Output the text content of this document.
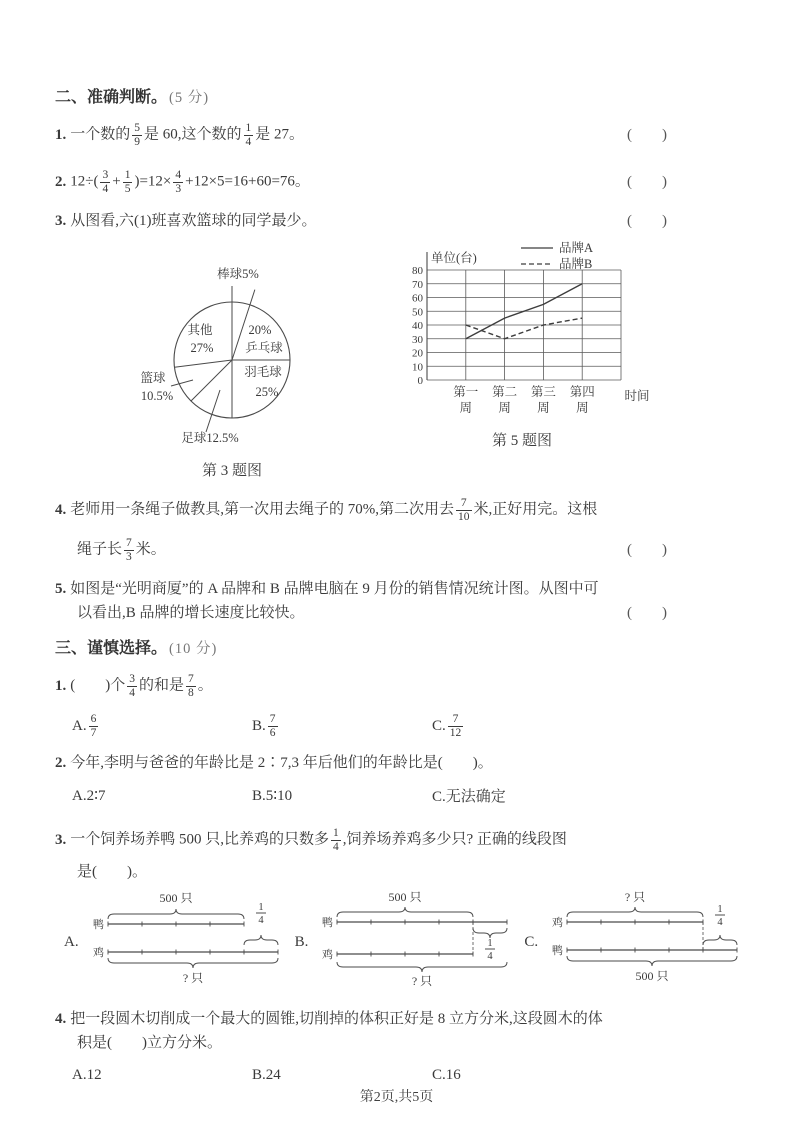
二、准确判断。 (5 分)
1. 一个数的 $\frac{5}{9}$ 是 60,这个数的 $\frac{1}{4}$ 是 27。	(  )
2. $12\div( \frac{3}{4} + \frac{1}{5} )=12\times \frac{4}{3} +12\times 5=16+60=76$。	(  )
3. 从图看,六(1)班喜欢篮球的同学最少。	(  )
棒球5%
20%
乒乓球
羽毛球
25%
足球12.5%
篮球
10.5%
其他
27%
第 3 题图
品牌A
品牌B
0
10
20
30
40
50
60
70
80
单位(台)
第一
周
第二
周
第三
周
第四
周
时间
第 5 题图
4. 老师用一条绳子做教具,第一次用去绳子的 70%,第二次用去 $\frac{7}{10}$ 米,正好用完。这根
绳子长 $\frac{7}{3}$ 米。	(  )
5. 如图是“光明商厦”的 A 品牌和 B 品牌电脑在 9 月份的销售情况统计图。从图中可
以看出,B 品牌的增长速度比较快。	(  )
三、谨慎选择。 (10 分)
1. (  )个 $\frac{3}{4}$ 的和是 $\frac{7}{8}$ 。
A. $\frac{6}{7}$	B. $\frac{7}{6}$	C. $\frac{7}{12}$
2. 今年,李明与爸爸的年龄比是 2∶7,3 年后他们的年龄比是(  )。
A.2∶7	B.5∶10	C.无法确定
3. 一个饲养场养鸭 500 只,比养鸡的只数多 $\frac{1}{4}$ ,饲养场养鸡多少只? 正确的线段图
是(  )。
A.
鸭
鸡
500 只
1
4
? 只
B.
鸭
鸡
500 只
1
4
? 只
C.
鸡
鸭
? 只
1
4
500 只
4. 把一段圆木切削成一个最大的圆锥,切削掉的体积正好是 8 立方分米,这段圆木的体
积是(  )立方分米。
A.12	B.24	C.16
第2页,共5页
